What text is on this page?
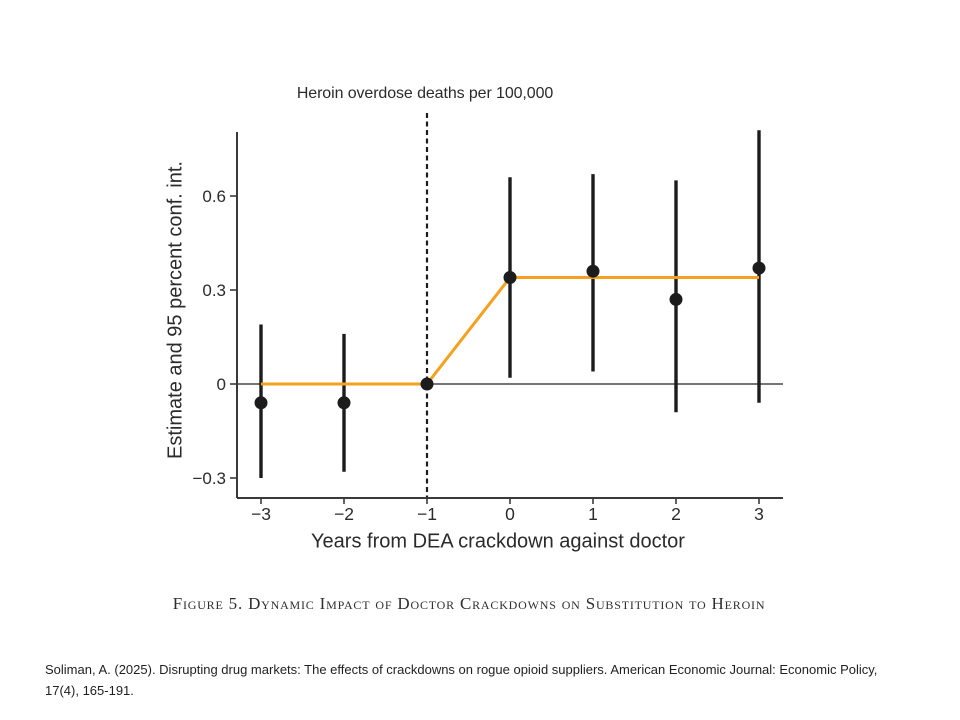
Heroin overdose deaths per 100,000
Estimate and 95 percent conf. int. 0.6
0.3
0
−0.3
−3	−2	−1	0	1	2	3
Years from DEA crackdown against doctor
Figure 5. Dynamic Impact of Doctor Crackdowns on Substitution to Heroin
Soliman, A. (2025). Disrupting drug markets: The effects of crackdowns on rogue opioid suppliers. American Economic Journal: Economic Policy,
17(4), 165-191.
